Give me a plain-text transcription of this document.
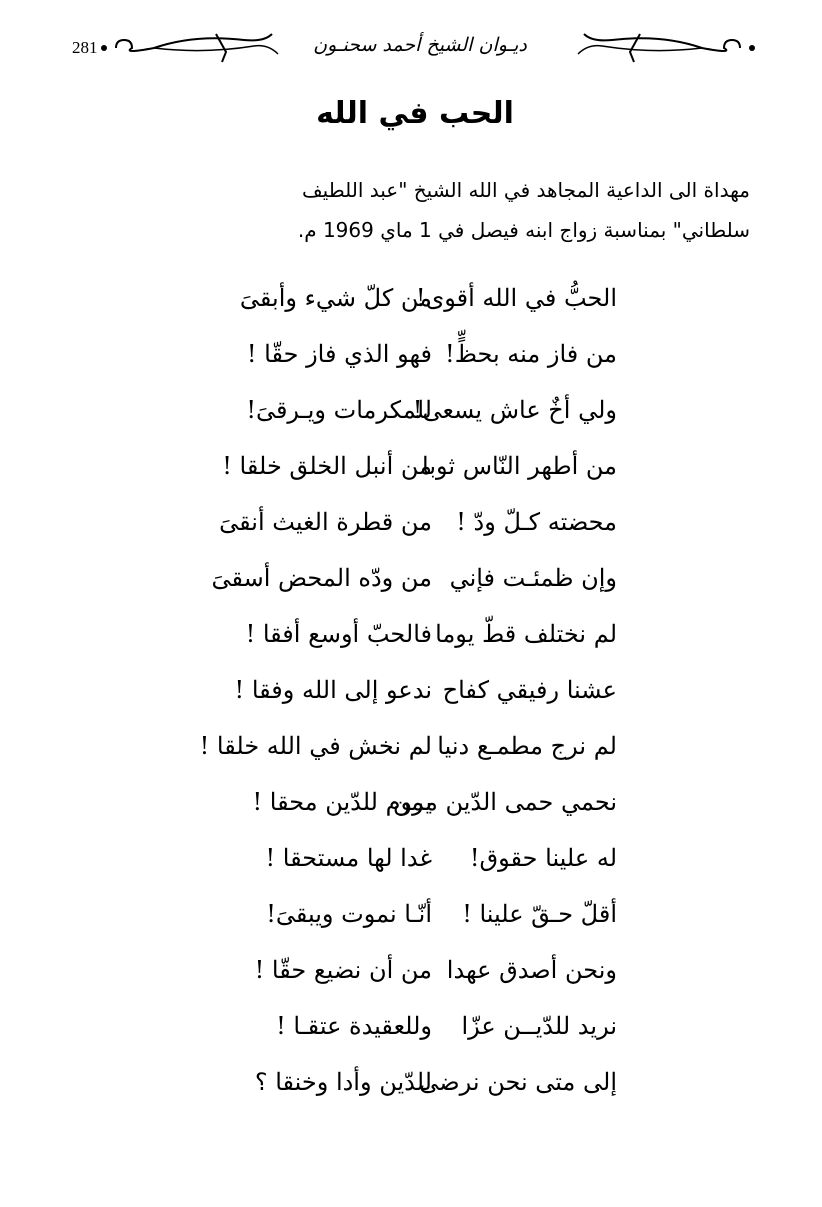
281	ديـوان الشيخ أحمد سحنـون
الحب في الله

مهداة الى الداعية المجاهد في الله الشيخ "عبد اللطيف

سلطاني" بمناسبة زواج ابنه فيصل في 1 ماي 1969 م.

الحبُّ في الله أقوى!
من كلّ شيء وأبقىَ
من فاز منه بحظٍّ!
فهو الذي فاز حقّا !
ولي أخٌ عاش يسعى!
للمكرمات ويـرقىَ!
من أطهر النّاس ثوبا
من أنبل الخلق خلقا !
محضته كـلّ ودّ !
من قطرة الغيث أنقىَ
وإن ظمئـت فإني
من ودّه المحض أسقىَ
لم نختلف قطّ يوما
فالحبّ أوسع أفقا !
عشنا رفيقي كفاح
ندعو إلى الله وفقا !
لم نرج مطمـع دنيا
لم نخش في الله خلقا !
نحمي حمى الدّين ممن
يروم للدّين محقا !
له علينا حقوق!
غدا لها مستحقا !
أقلّ حـقّ علينا !
أنّـا نموت ويبقىَ!
ونحن أصدق عهدا
من أن نضيع حقّا !
نريد للدّيــن عزّا
وللعقيدة عتقـا !
إلى متى نحن نرضى
للدّين وأدا وخنقا ؟
